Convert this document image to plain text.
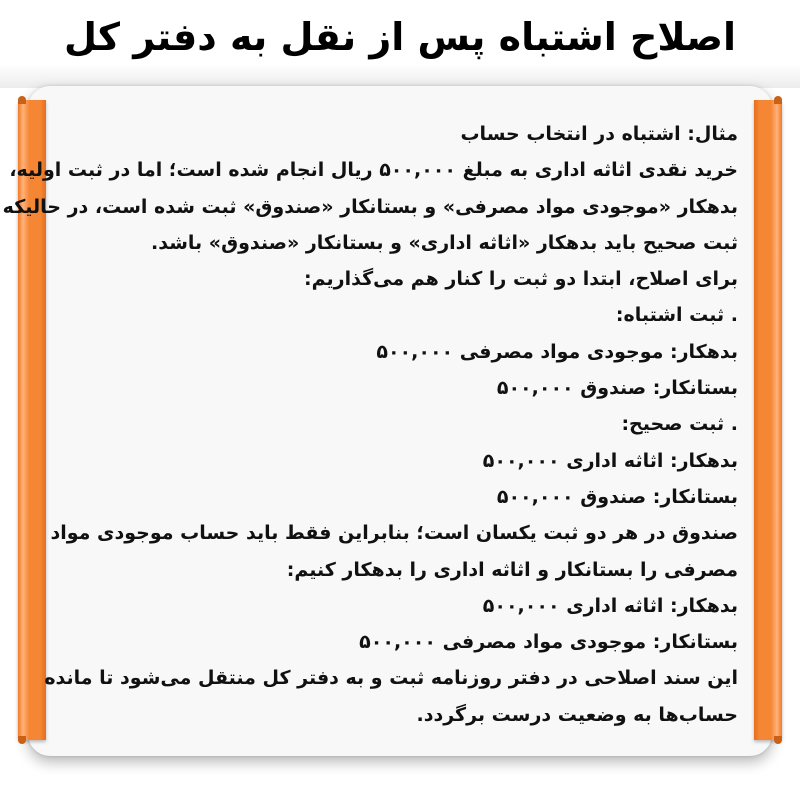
اصلاح اشتباه پس از نقل به دفتر کل
مثال: اشتباه در انتخاب حساب
خرید نقدی اثاثه اداری به مبلغ ۵۰۰,۰۰۰ ریال انجام شده است؛ اما در ثبت اولیه،
بدهکار «موجودی مواد مصرفی» و بستانکار «صندوق» ثبت شده است، در حالیکه
ثبت صحیح باید بدهکار «اثاثه اداری» و بستانکار «صندوق» باشد.
برای اصلاح، ابتدا دو ثبت را کنار هم می‌گذاریم:
. ثبت اشتباه:
بدهکار: موجودی مواد مصرفی ۵۰۰,۰۰۰
بستانکار: صندوق ۵۰۰,۰۰۰
. ثبت صحیح:
بدهکار: اثاثه اداری ۵۰۰,۰۰۰
بستانکار: صندوق ۵۰۰,۰۰۰
صندوق در هر دو ثبت یکسان است؛ بنابراین فقط باید حساب موجودی مواد
مصرفی را بستانکار و اثاثه اداری را بدهکار کنیم:
بدهکار: اثاثه اداری ۵۰۰,۰۰۰
بستانکار: موجودی مواد مصرفی ۵۰۰,۰۰۰
این سند اصلاحی در دفتر روزنامه ثبت و به دفتر کل منتقل می‌شود تا مانده
حساب‌ها به وضعیت درست برگردد.
